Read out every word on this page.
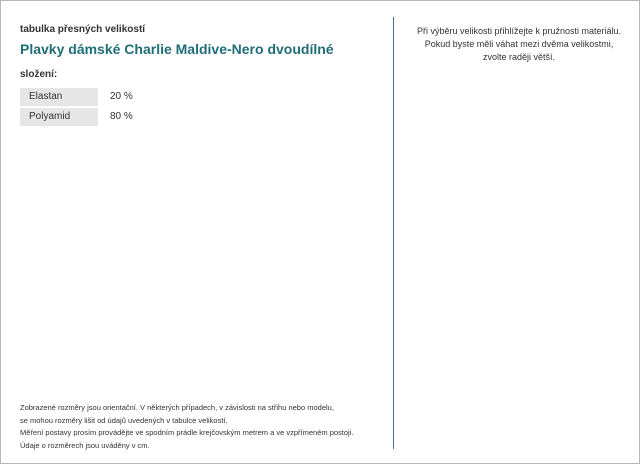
tabulka přesných velikostí

Plavky dámské Charlie Maldive-Nero dvoudílné

složení:

Elastan	20 %
Polyamid	80 %

Zobrazené rozměry jsou orientační. V některých případech, v závislosti na střihu nebo modelu,

se mohou rozměry lišit od údajů uvedených v tabulce velikostí.

Měření postavy prosím provádějte ve spodním prádle krejčovským metrem a ve vzpřímeném postoji.

Údaje o rozměrech jsou uváděny v cm.

Při výběru velikosti přihlížejte k pružnosti materiálu.

Pokud byste měli váhat mezi dvěma velikostmi,

zvolte raději větší.
